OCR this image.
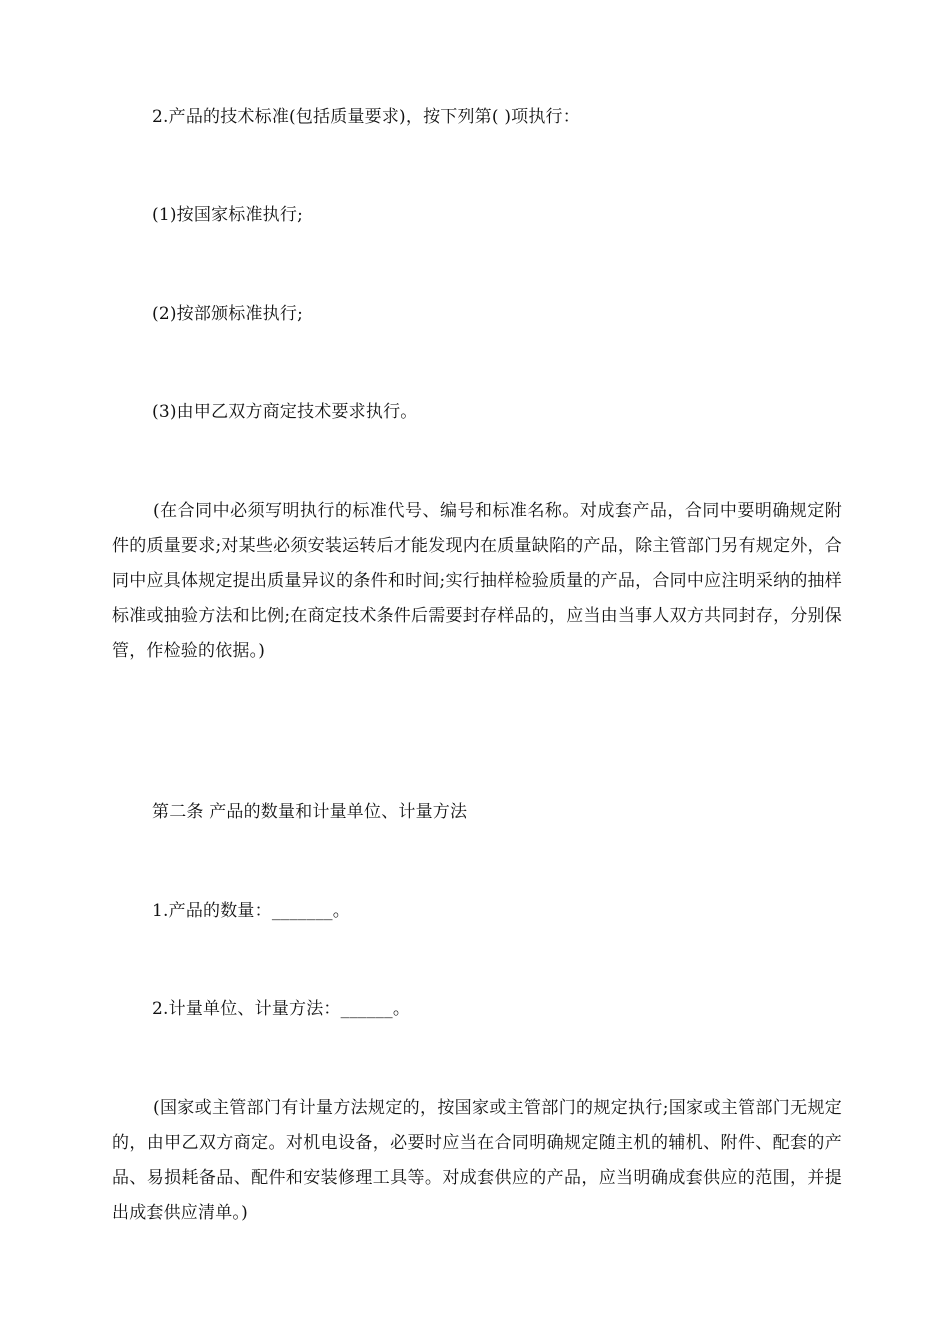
2.产品的技术标准(包括质量要求)，按下列第( )项执行：
(1)按国家标准执行;
(2)按部颁标准执行;
(3)由甲乙双方商定技术要求执行。
(在合同中必须写明执行的标准代号、编号和标准名称。对成套产品，合同中要明确规定附件的质量要求;对某些必须安装运转后才能发现内在质量缺陷的产品，除主管部门另有规定外，合同中应具体规定提出质量异议的条件和时间;实行抽样检验质量的产品，合同中应注明采纳的抽样标准或抽验方法和比例;在商定技术条件后需要封存样品的，应当由当事人双方共同封存，分别保管，作检验的依据。)
第二条 产品的数量和计量单位、计量方法
1.产品的数量：_______。
2.计量单位、计量方法：______。
(国家或主管部门有计量方法规定的，按国家或主管部门的规定执行;国家或主管部门无规定的，由甲乙双方商定。对机电设备，必要时应当在合同明确规定随主机的辅机、附件、配套的产品、易损耗备品、配件和安装修理工具等。对成套供应的产品，应当明确成套供应的范围，并提出成套供应清单。)
